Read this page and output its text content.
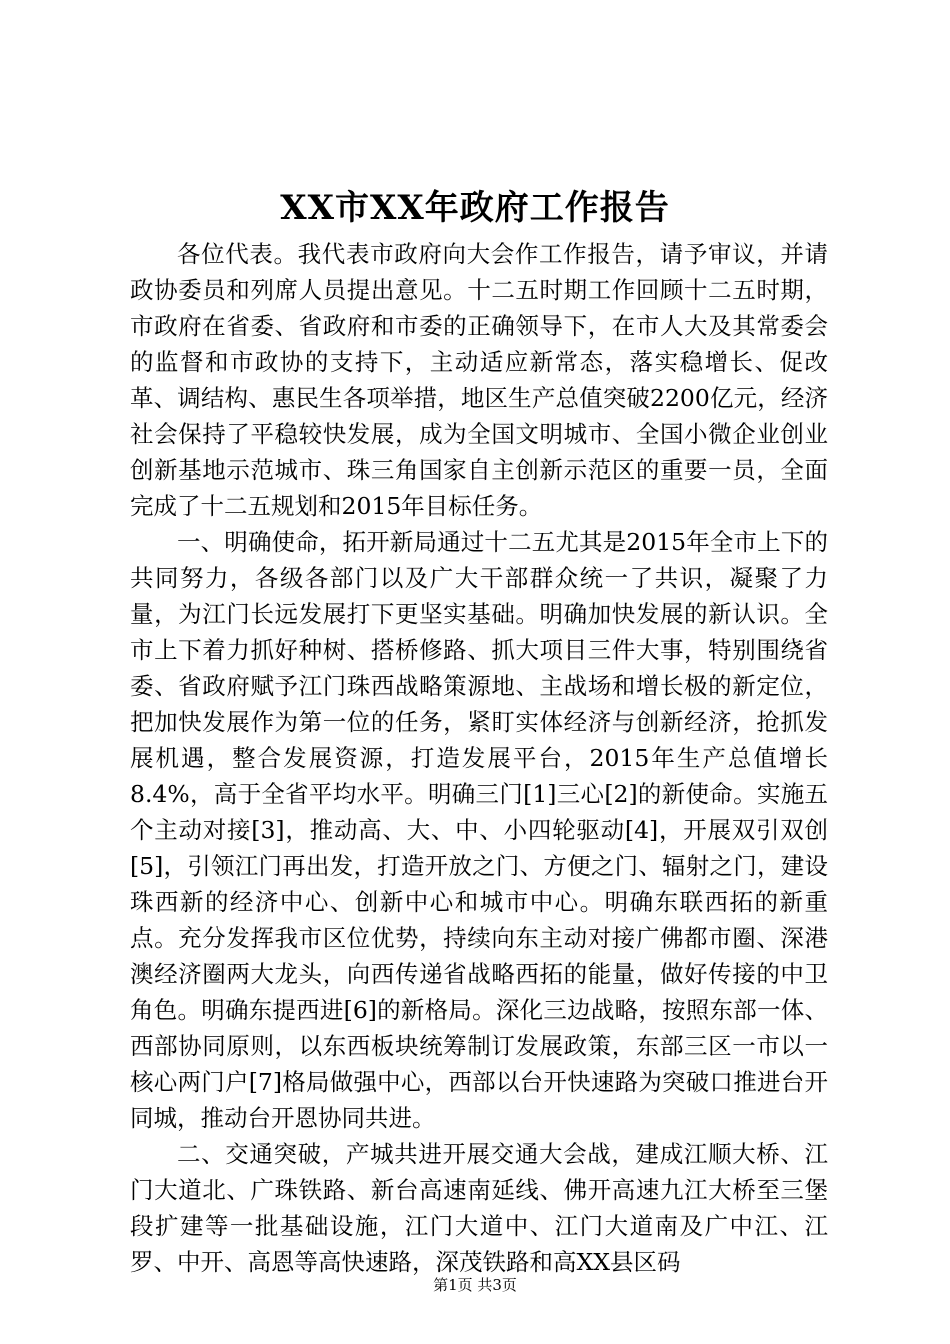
XX市XX年政府工作报告

各位代表。我代表市政府向大会作工作报告，请予审议，并请政协委员和列席人员提出意见。十二五时期工作回顾十二五时期，市政府在省委、省政府和市委的正确领导下，在市人大及其常委会的监督和市政协的支持下，主动适应新常态，落实稳增长、促改革、调结构、惠民生各项举措，地区生产总值突破2200亿元，经济社会保持了平稳较快发展，成为全国文明城市、全国小微企业创业创新基地示范城市、珠三角国家自主创新示范区的重要一员，全面完成了十二五规划和2015年目标任务。

一、明确使命，拓开新局通过十二五尤其是2015年全市上下的共同努力，各级各部门以及广大干部群众统一了共识，凝聚了力量，为江门长远发展打下更坚实基础。明确加快发展的新认识。全市上下着力抓好种树、搭桥修路、抓大项目三件大事，特别围绕省委、省政府赋予江门珠西战略策源地、主战场和增长极的新定位，把加快发展作为第一位的任务，紧盯实体经济与创新经济，抢抓发展机遇，整合发展资源，打造发展平台，2015年生产总值增长8.4%，高于全省平均水平。明确三门[1]三心[2]的新使命。实施五个主动对接[3]，推动高、大、中、小四轮驱动[4]，开展双引双创[5]，引领江门再出发，打造开放之门、方便之门、辐射之门，建设珠西新的经济中心、创新中心和城市中心。明确东联西拓的新重点。充分发挥我市区位优势，持续向东主动对接广佛都市圈、深港澳经济圈两大龙头，向西传递省战略西拓的能量，做好传接的中卫角色。明确东提西进[6]的新格局。深化三边战略，按照东部一体、西部协同原则，以东西板块统筹制订发展政策，东部三区一市以一核心两门户[7]格局做强中心，西部以台开快速路为突破口推进台开同城，推动台开恩协同共进。

二、交通突破，产城共进开展交通大会战，建成江顺大桥、江门大道北、广珠铁路、新台高速南延线、佛开高速九江大桥至三堡段扩建等一批基础设施，江门大道中、江门大道南及广中江、江罗、中开、高恩等高快速路，深茂铁路和高XX县区码

第1页 共3页
